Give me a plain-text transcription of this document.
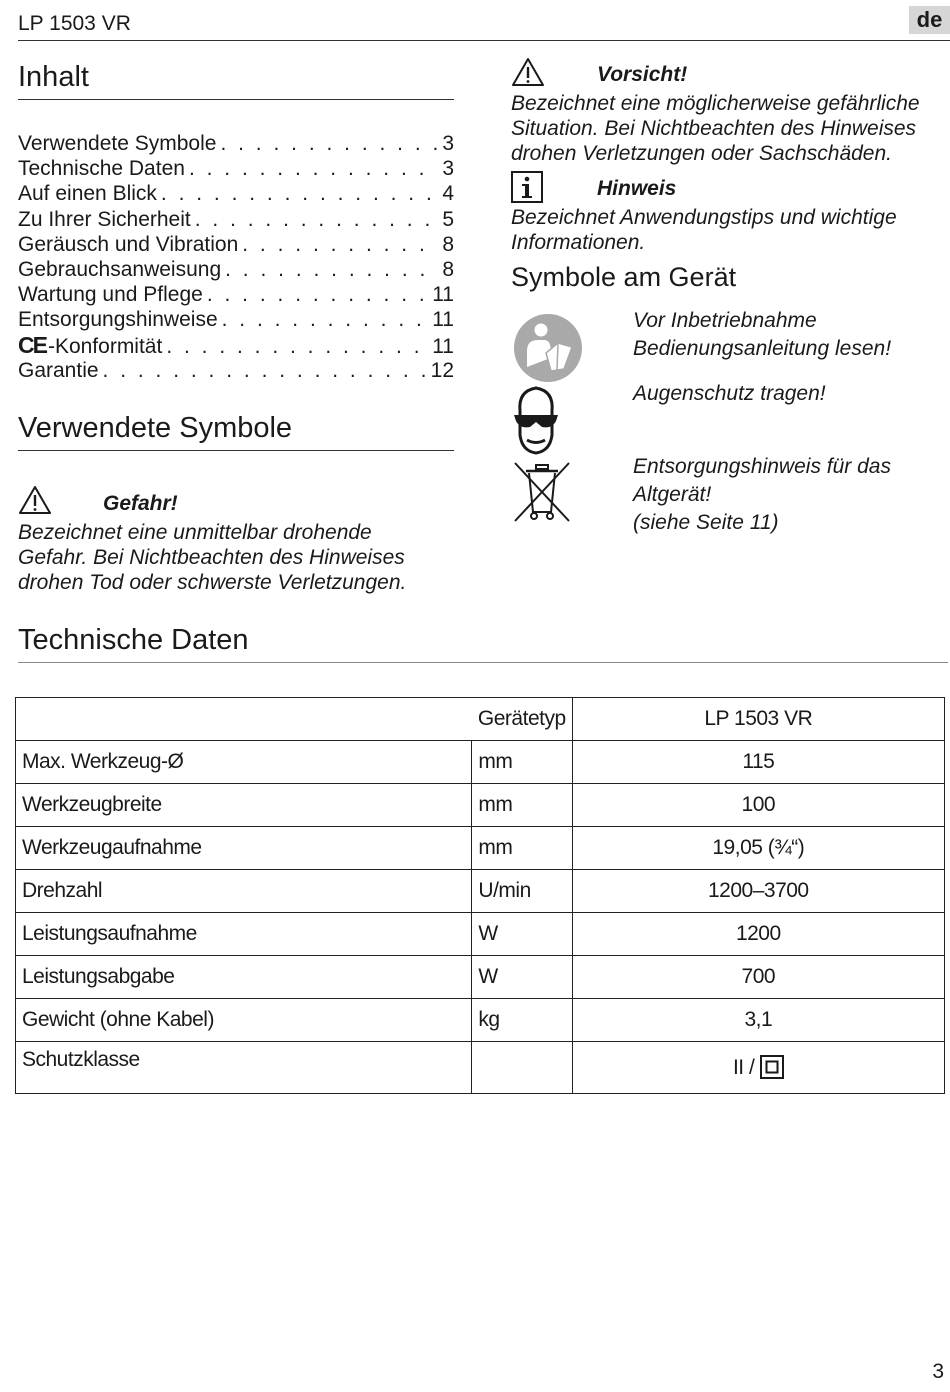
LP 1503 VR	de
Inhalt
Verwendete Symbole . . .	3
Technische Daten . . .	3
Auf einen Blick . . .	4
Zu Ihrer Sicherheit . . .	5
Geräusch und Vibration . . .	8
Gebrauchsanweisung . . .	8
Wartung und Pflege . . .	11
Entsorgungshinweise . . .	11
CE-Konformität . . .	11
Garantie . . .	12
Verwendete Symbole
Gefahr!
Bezeichnet eine unmittelbar drohende
Gefahr. Bei Nichtbeachten des Hinweises
drohen Tod oder schwerste Verletzungen.
Vorsicht!
Bezeichnet eine möglicherweise gefährliche
Situation. Bei Nichtbeachten des Hinweises
drohen Verletzungen oder Sachschäden.
Hinweis
Bezeichnet Anwendungstips und wichtige
Informationen.
Symbole am Gerät
Vor Inbetriebnahme
Bedienungsanleitung lesen!
Augenschutz tragen!
Entsorgungshinweis für das
Altgerät!
(siehe Seite 11)
Technische Daten
	Gerätetyp	LP 1503 VR
Max. Werkzeug-Ø	mm	115
Werkzeugbreite	mm	100
Werkzeugaufnahme	mm	19,05 (¾“)
Drehzahl	U/min	1200–3700
Leistungsaufnahme	W	1200
Leistungsabgabe	W	700
Gewicht (ohne Kabel)	kg	3,1
Schutzklasse		II /
3
